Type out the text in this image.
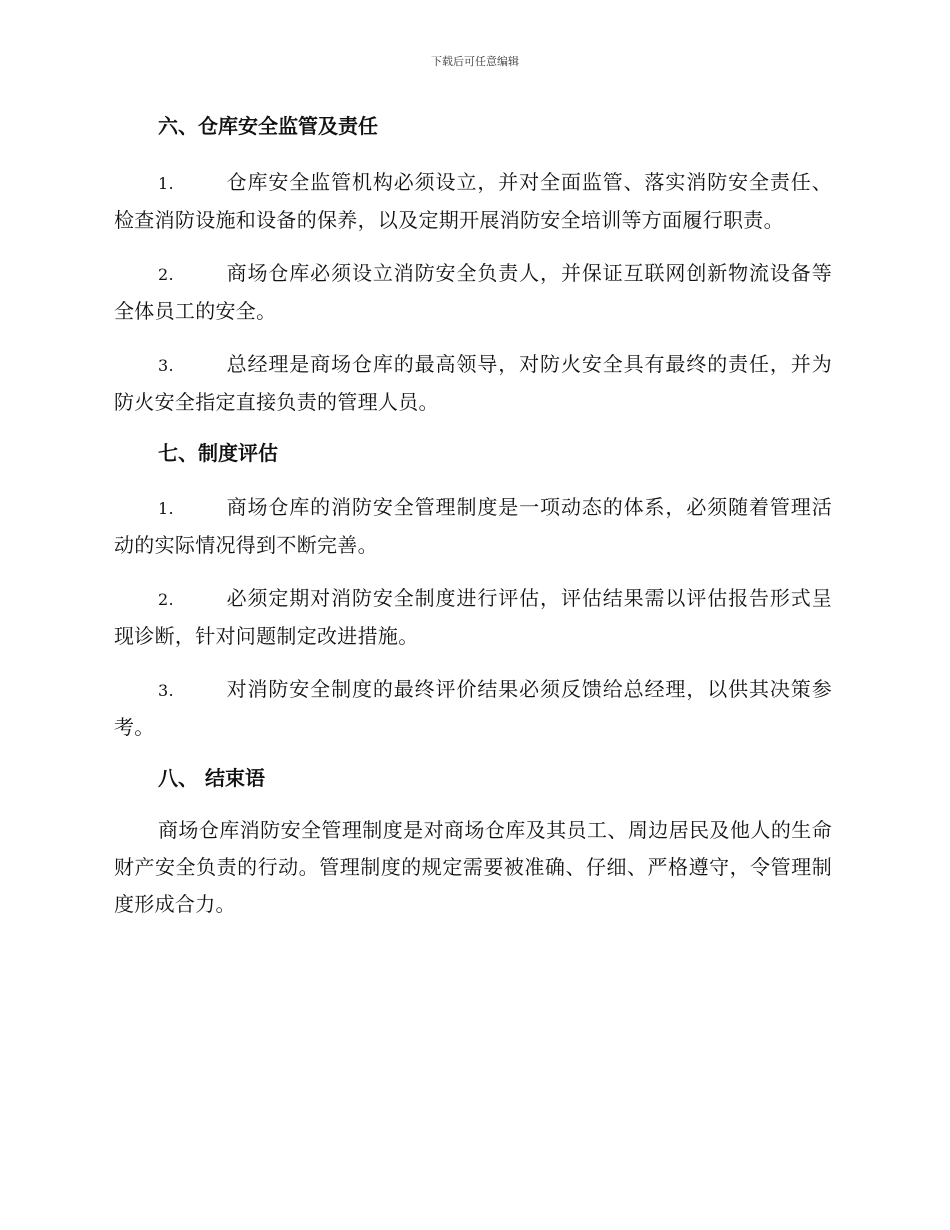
下载后可任意编辑
六、仓库安全监管及责任

1.	仓库安全监管机构必须设立，并对全面监管、落实消防安全责任、检查消防设施和设备的保养，以及定期开展消防安全培训等方面履行职责。

2.	商场仓库必须设立消防安全负责人，并保证互联网创新物流设备等全体员工的安全。

3.	总经理是商场仓库的最高领导，对防火安全具有最终的责任，并为防火安全指定直接负责的管理人员。

七、制度评估

1.	商场仓库的消防安全管理制度是一项动态的体系，必须随着管理活动的实际情况得到不断完善。

2.	必须定期对消防安全制度进行评估，评估结果需以评估报告形式呈现诊断，针对问题制定改进措施。

3.	对消防安全制度的最终评价结果必须反馈给总经理，以供其决策参考。

八、 结束语

商场仓库消防安全管理制度是对商场仓库及其员工、周边居民及他人的生命财产安全负责的行动。管理制度的规定需要被准确、仔细、严格遵守，令管理制度形成合力。
